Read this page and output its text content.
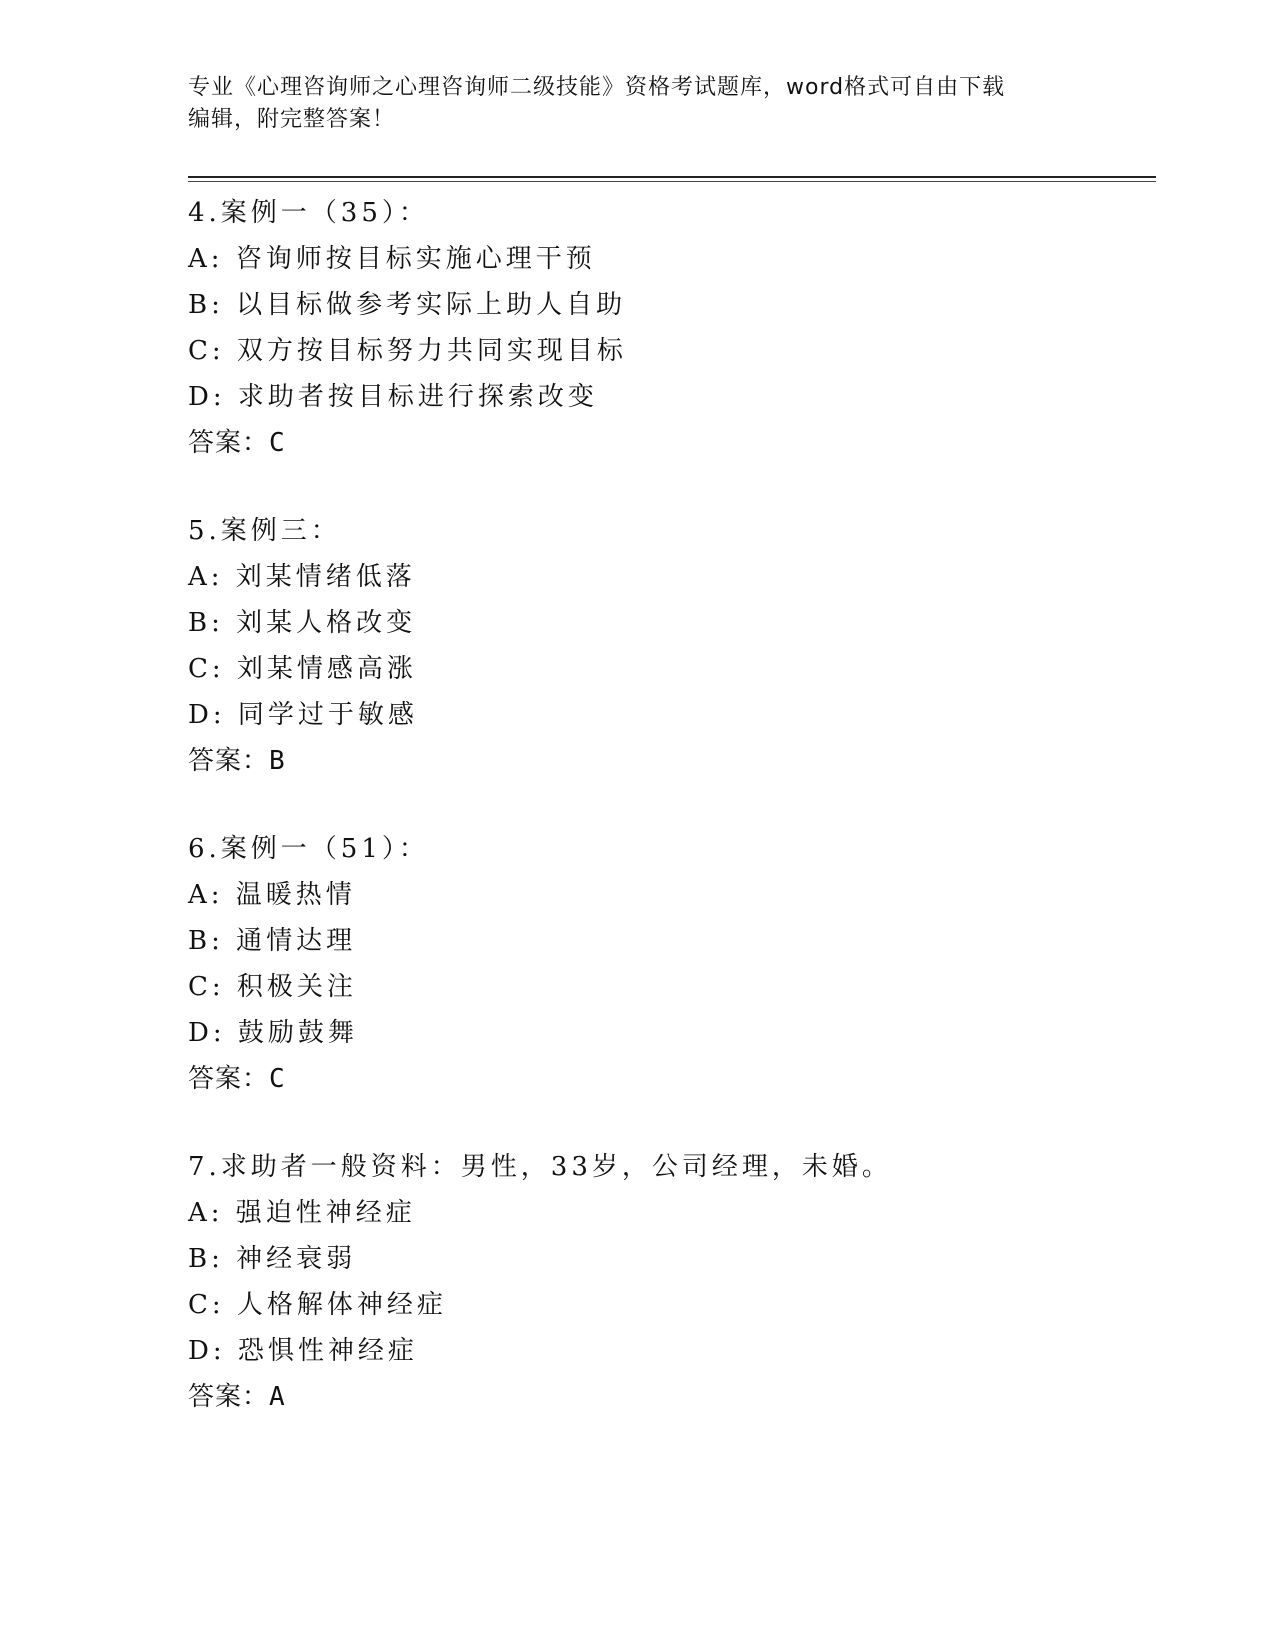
专业《心理咨询师之心理咨询师二级技能》资格考试题库，word格式可自由下载
编辑，附完整答案！
4.案例一（35）：
A: 咨询师按目标实施心理干预
B: 以目标做参考实际上助人自助
C: 双方按目标努力共同实现目标
D: 求助者按目标进行探索改变
答案：C
5.案例三：
A: 刘某情绪低落
B: 刘某人格改变
C: 刘某情感高涨
D: 同学过于敏感
答案：B
6.案例一（51）：
A: 温暖热情
B: 通情达理
C: 积极关注
D: 鼓励鼓舞
答案：C
7.求助者一般资料：男性，33岁，公司经理，未婚。
A: 强迫性神经症
B: 神经衰弱
C: 人格解体神经症
D: 恐惧性神经症
答案：A
